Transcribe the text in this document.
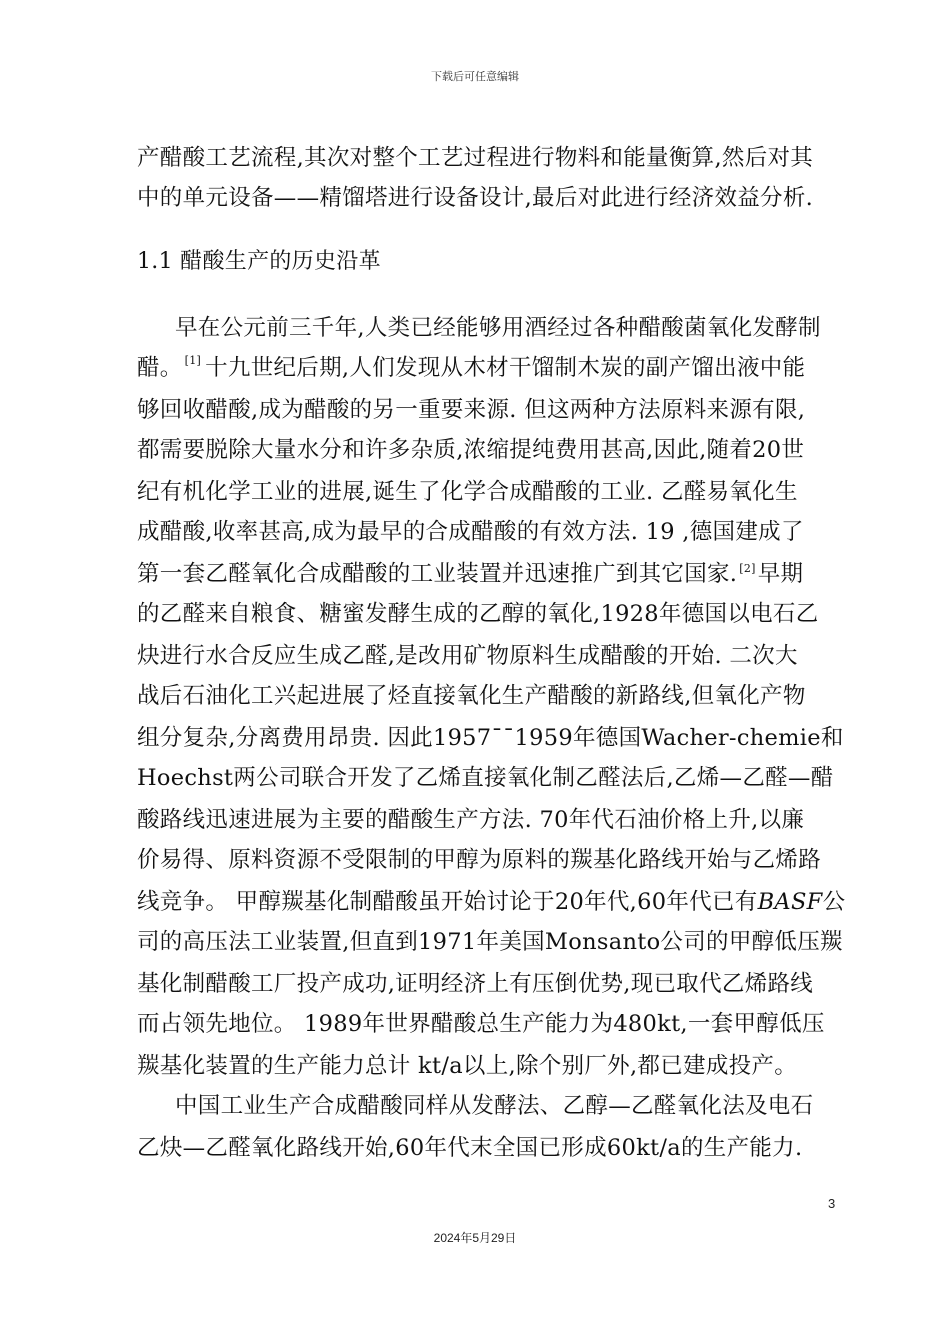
下载后可任意编辑
产醋酸工艺流程,其次对整个工艺过程进行物料和能量衡算,然后对其
中的单元设备——精馏塔进行设备设计,最后对此进行经济效益分析.
1.1 醋酸生产的历史沿革
早在公元前三千年,人类已经能够用酒经过各种醋酸菌氧化发酵制
醋。 [1] 十九世纪后期,人们发现从木材干馏制木炭的副产馏出液中能
够回收醋酸,成为醋酸的另一重要来源. 但这两种方法原料来源有限,
都需要脱除大量水分和许多杂质,浓缩提纯费用甚高,因此,随着20世
纪有机化学工业的进展,诞生了化学合成醋酸的工业. 乙醛易氧化生
成醋酸,收率甚高,成为最早的合成醋酸的有效方法. 19 ,德国建成了
第一套乙醛氧化合成醋酸的工业装置并迅速推广到其它国家. [2]早期
的乙醛来自粮食、糖蜜发酵生成的乙醇的氧化,1928年德国以电石乙
炔进行水合反应生成乙醛,是改用矿物原料生成醋酸的开始. 二次大
战后石油化工兴起进展了烃直接氧化生产醋酸的新路线,但氧化产物
组分复杂,分离费用昂贵. 因此1957¯¯1959年德国Wacher-chemie和
Hoechst两公司联合开发了乙烯直接氧化制乙醛法后,乙烯—乙醛—醋
酸路线迅速进展为主要的醋酸生产方法. 70年代石油价格上升,以廉
价易得、原料资源不受限制的甲醇为原料的羰基化路线开始与乙烯路
线竞争。 甲醇羰基化制醋酸虽开始讨论于20年代,60年代已有BASF公
司的高压法工业装置,但直到1971年美国Monsanto公司的甲醇低压羰
基化制醋酸工厂投产成功,证明经济上有压倒优势,现已取代乙烯路线
而占领先地位。 1989年世界醋酸总生产能力为480kt,一套甲醇低压
羰基化装置的生产能力总计 kt/a以上,除个别厂外,都已建成投产。
中国工业生产合成醋酸同样从发酵法、乙醇—乙醛氧化法及电石
乙炔—乙醛氧化路线开始,60年代末全国已形成60kt/a的生产能力.
3
2024年5月29日
